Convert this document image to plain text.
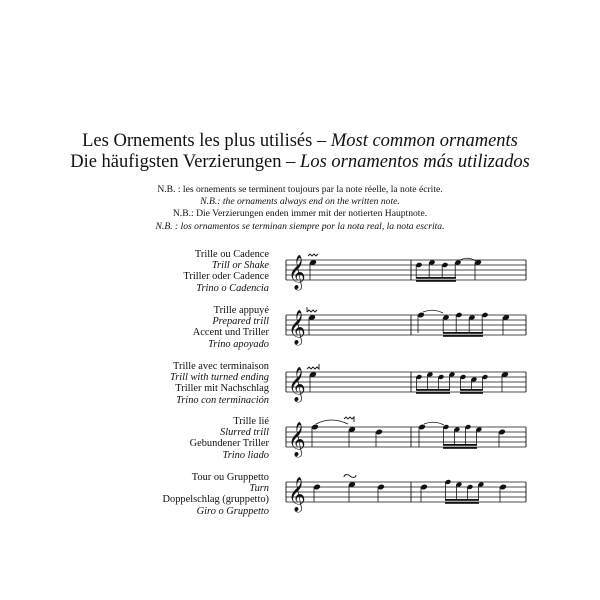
Les Ornements les plus utilisés – Most common ornaments
Die häufigsten Verzierungen – Los ornamentos más utilizados
N.B. : les ornements se terminent toujours par la note réelle, la note écrite.
N.B.: the ornaments always end on the written note.
N.B.: Die Verzierungen enden immer mit der notierten Hauptnote.
N.B. : los ornamentos se terminan siempre por la nota real, la nota escrita.
Trille ou Cadence
Trill or Shake
Triller oder Cadence
Trino o Cadencia 𝄞
Trille appuyé
Prepared trill
Accent und Triller
Trino apoyado 𝄞
Trille avec terminaison
Trill with turned ending
Triller mit Nachschlag
Trino con terminación 𝄞
Trille lié
Slurred trill
Gebundener Triller
Trino liado 𝄞
Tour ou Gruppetto
Turn
Doppelschlag (gruppetto)
Giro o Gruppetto 𝄞
